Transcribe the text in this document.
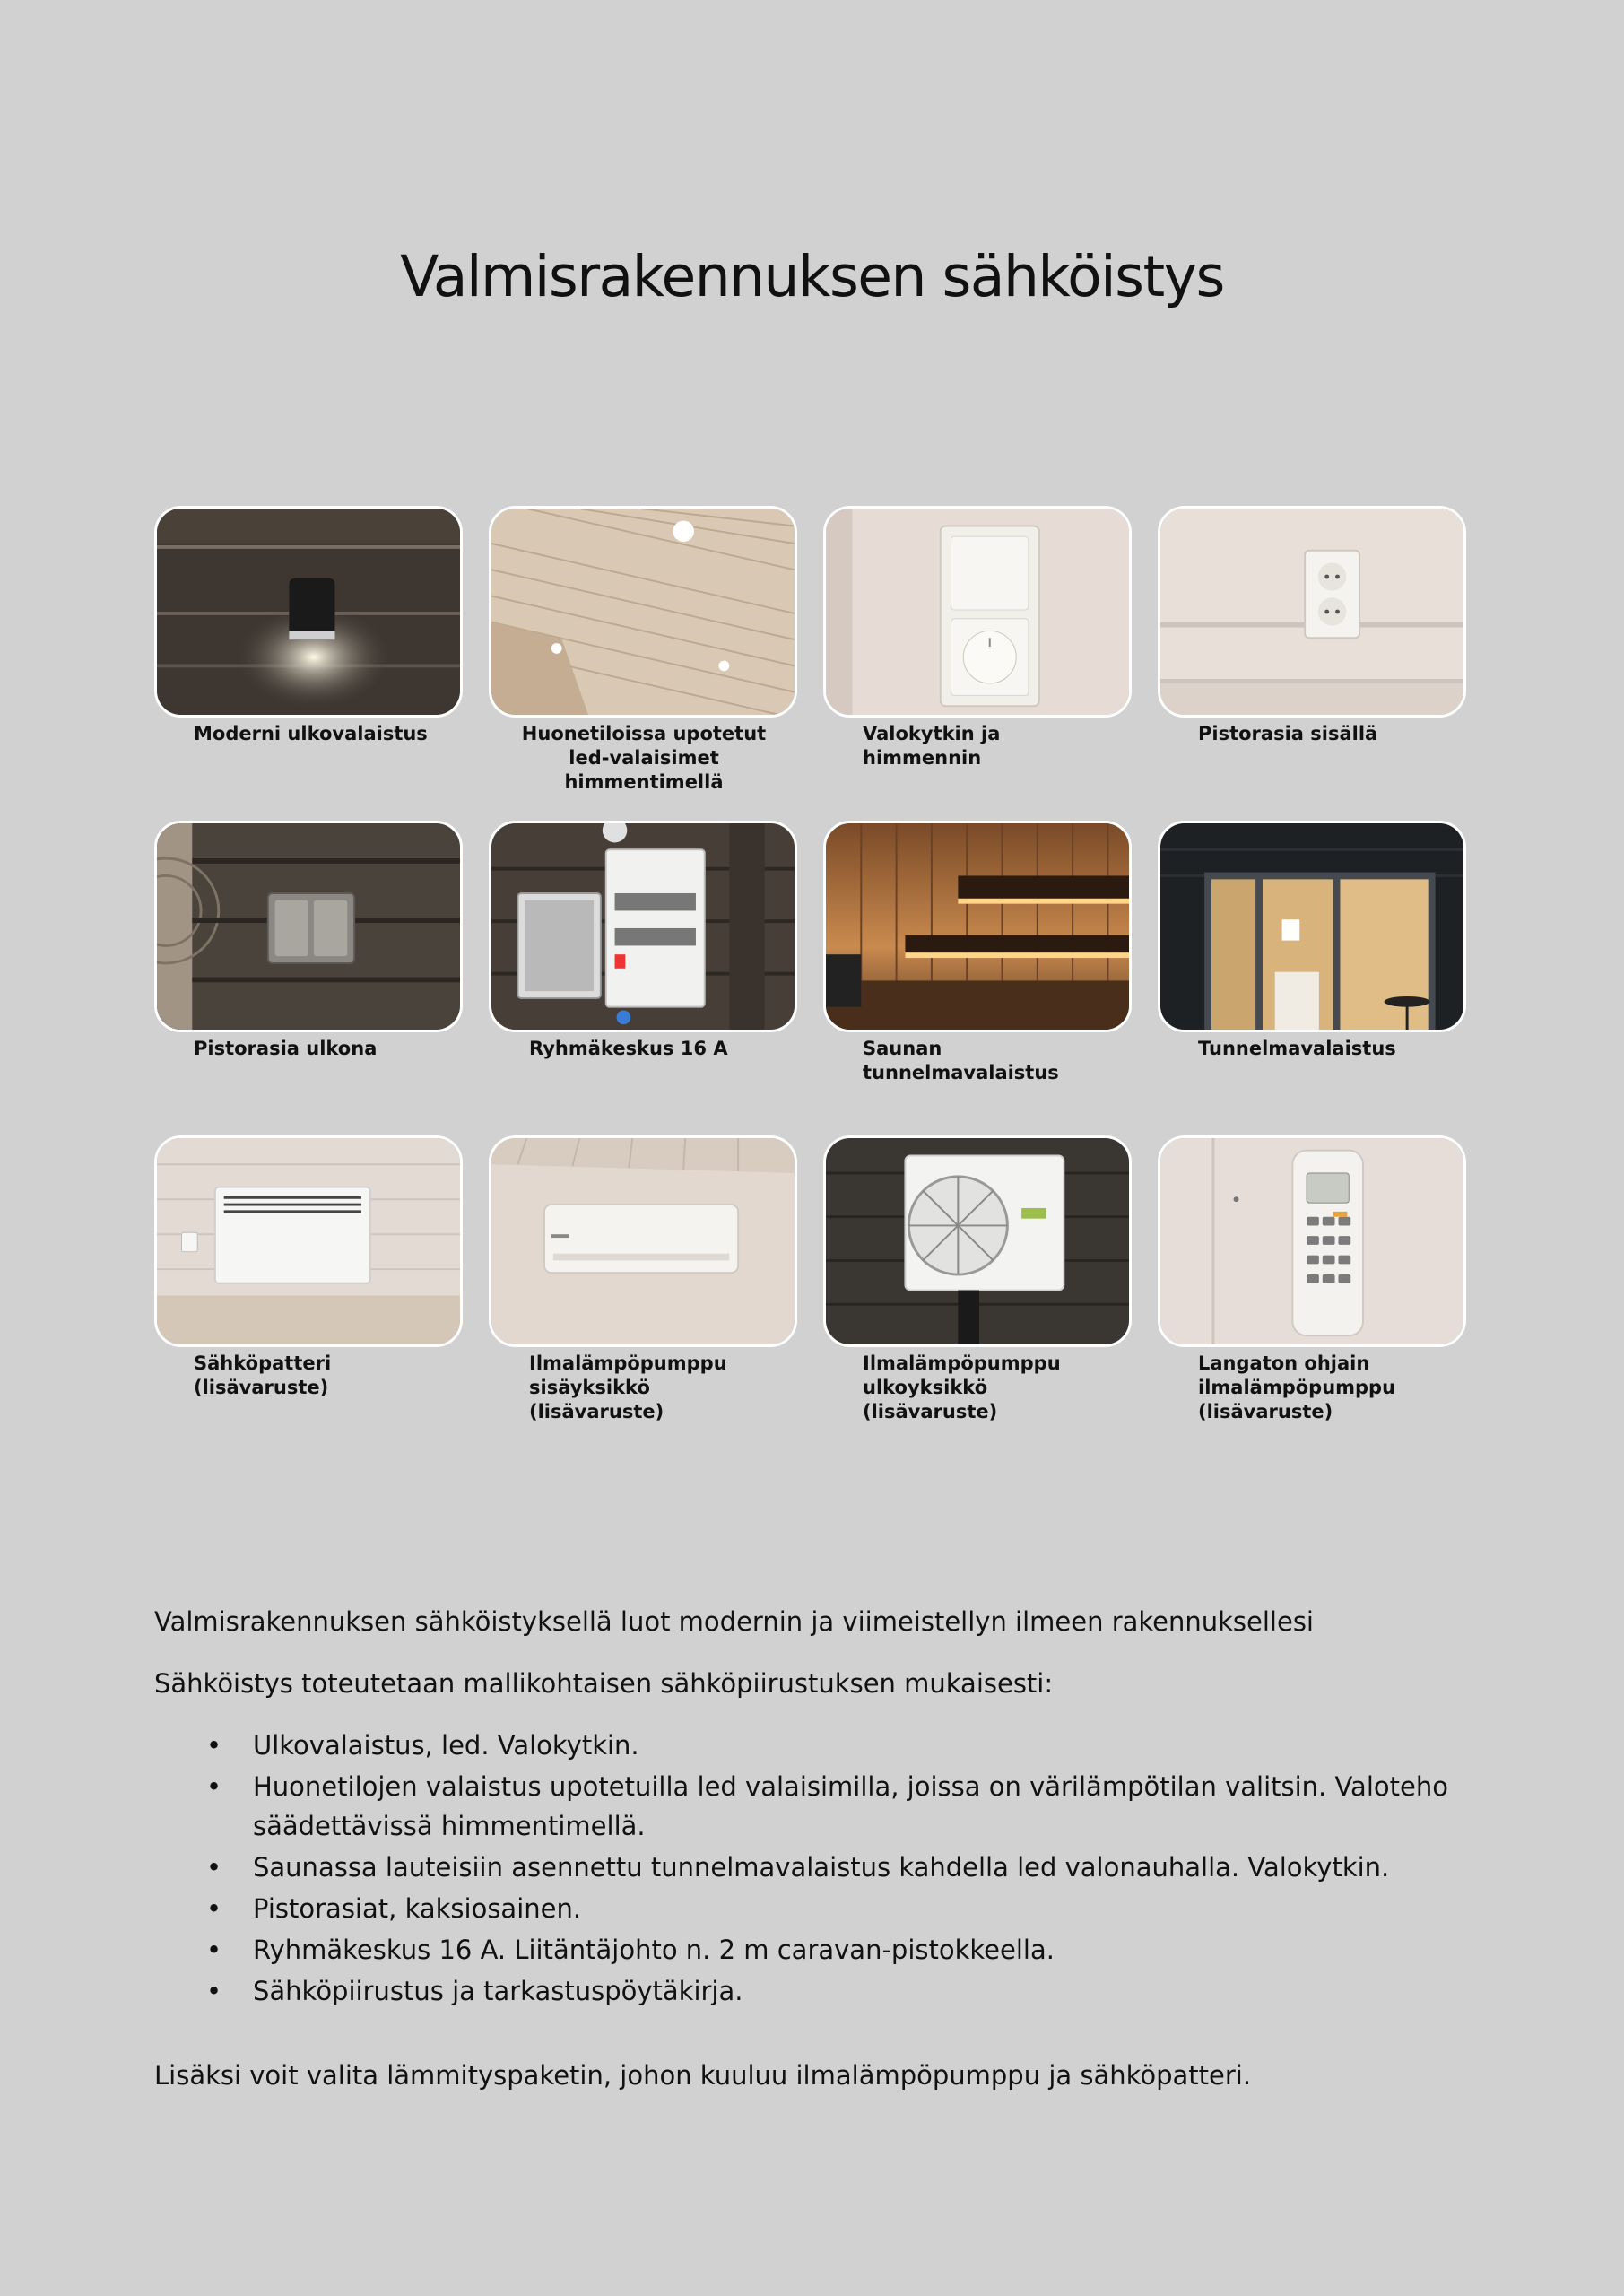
Valmisrakennuksen sähköistys
Moderni ulkovalaistus	Huonetiloissa upotetut
led-valaisimet
himmentimellä
Valokytkin ja
himmennin
Pistorasia sisällä
Pistorasia ulkona	Ryhmäkeskus 16 A	Saunan
tunnelmavalaistus
Tunnelmavalaistus
Sähköpatteri
(lisävaruste)
Ilmalämpöpumppu
sisäyksikkö
(lisävaruste)
Ilmalämpöpumppu
ulkoyksikkö
(lisävaruste)
Langaton ohjain
ilmalämpöpumppu
(lisävaruste)

Valmisrakennuksen sähköistyksellä luot modernin ja viimeistellyn ilmeen rakennuksellesi

Sähköistys toteutetaan mallikohtaisen sähköpiirustuksen mukaisesti:

• Ulkovalaistus, led. Valokytkin.
• Huonetilojen valaistus upotetuilla led valaisimilla, joissa on värilämpötilan valitsin. Valoteho säädettävissä himmentimellä.
• Saunassa lauteisiin asennettu tunnelmavalaistus kahdella led valonauhalla. Valokytkin.
• Pistorasiat, kaksiosainen.
• Ryhmäkeskus 16 A. Liitäntäjohto n. 2 m caravan-pistokkeella.
• Sähköpiirustus ja tarkastuspöytäkirja.

Lisäksi voit valita lämmityspaketin, johon kuuluu ilmalämpöpumppu ja sähköpatteri.
